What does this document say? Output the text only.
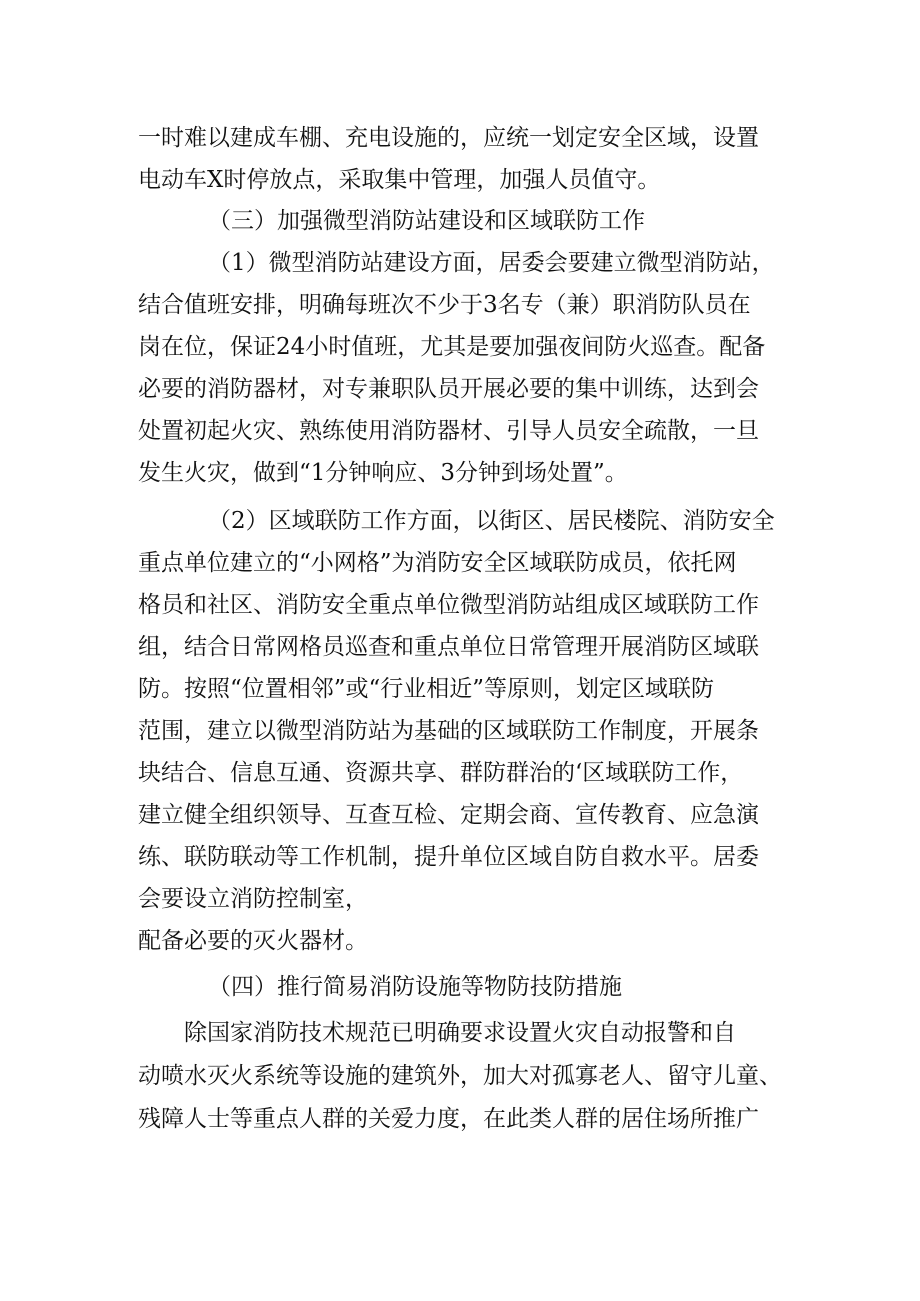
一时难以建成车棚、充电设施的，应统一划定安全区域，设置
电动车X时停放点，采取集中管理，加强人员值守。
（三）加强微型消防站建设和区域联防工作
（1）微型消防站建设方面，居委会要建立微型消防站，
结合值班安排，明确每班次不少于3名专（兼）职消防队员在
岗在位，保证24小时值班，尤其是要加强夜间防火巡查。配备
必要的消防器材，对专兼职队员开展必要的集中训练，达到会
处置初起火灾、熟练使用消防器材、引导人员安全疏散，一旦
发生火灾，做到“1分钟响应、3分钟到场处置”。
（2）区域联防工作方面，以街区、居民楼院、消防安全
重点单位建立的“小网格”为消防安全区域联防成员，依托网
格员和社区、消防安全重点单位微型消防站组成区域联防工作
组，结合日常网格员巡查和重点单位日常管理开展消防区域联
防。按照“位置相邻”或“行业相近”等原则，划定区域联防
范围，建立以微型消防站为基础的区域联防工作制度，开展条
块结合、信息互通、资源共享、群防群治的‘区域联防工作，
建立健全组织领导、互查互检、定期会商、宣传教育、应急演
练、联防联动等工作机制，提升单位区域自防自救水平。居委
会要设立消防控制室，
配备必要的灭火器材。
（四）推行简易消防设施等物防技防措施
除国家消防技术规范已明确要求设置火灾自动报警和自
动喷水灭火系统等设施的建筑外，加大对孤寡老人、留守儿童、
残障人士等重点人群的关爱力度，在此类人群的居住场所推广
